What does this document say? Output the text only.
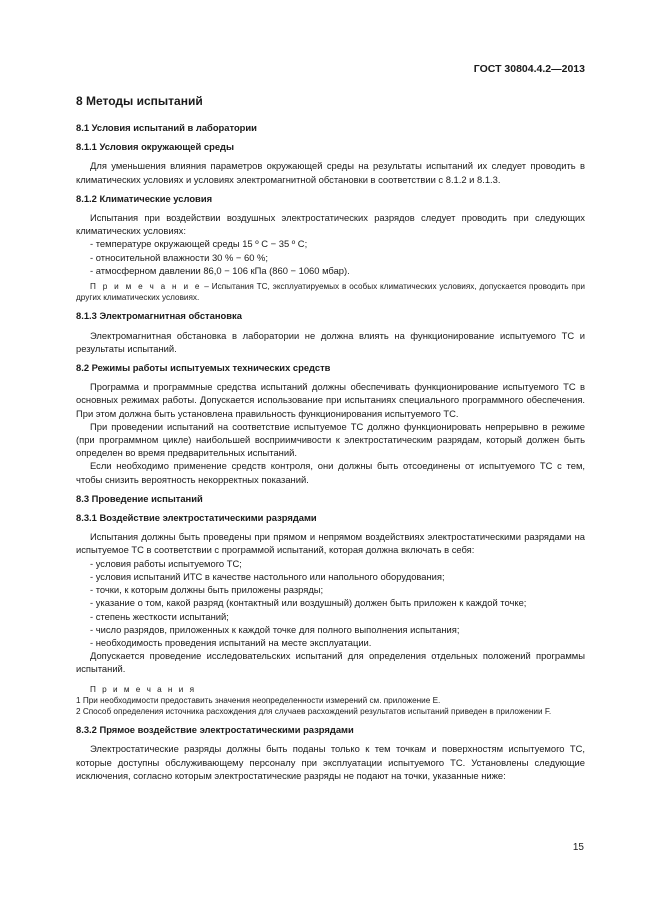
ГОСТ 30804.4.2—2013
8 Методы испытаний
8.1 Условия испытаний в лаборатории
8.1.1 Условия окружающей среды

Для уменьшения влияния параметров окружающей среды на результаты испытаний их следует проводить в климатических условиях и условиях электромагнитной обстановки в соответствии с 8.1.2 и 8.1.3.

8.1.2 Климатические условия

Испытания при воздействии воздушных электростатических разрядов следует проводить при следующих климатических условиях:

- температуре окружающей среды 15 º С − 35 º С;

- относительной влажности 30 % − 60 %;

- атмосферном давлении 86,0 − 106 кПа (860 − 1060 мбар).

П р и м е ч а н и е – Испытания ТС, эксплуатируемых в особых климатических условиях, допускается проводить при других климатических условиях.

8.1.3 Электромагнитная обстановка

Электромагнитная обстановка в лаборатории не должна влиять на функционирование испытуемого ТС и результаты испытаний.

8.2 Режимы работы испытуемых технических средств

Программа и программные средства испытаний должны обеспечивать функционирование испытуемого ТС в основных режимах работы. Допускается использование при испытаниях специального программного обеспечения. При этом должна быть установлена правильность функционирования испытуемого ТС.

При проведении испытаний на соответствие испытуемое ТС должно функционировать непрерывно в режиме (при программном цикле) наибольшей восприимчивости к электростатическим разрядам, который должен быть определен во время предварительных испытаний.

Если необходимо применение средств контроля, они должны быть отсоединены от испытуемого ТС с тем, чтобы снизить вероятность некорректных показаний.

8.3 Проведение испытаний
8.3.1 Воздействие электростатическими разрядами

Испытания должны быть проведены при прямом и непрямом воздействиях электростатическими разрядами на испытуемое ТС в соответствии с программой испытаний, которая должна включать в себя:

- условия работы испытуемого ТС;

- условия испытаний ИТС в качестве настольного или напольного оборудования;

- точки, к которым должны быть приложены разряды;

- указание о том, какой разряд (контактный или воздушный) должен быть приложен к каждой точке;

- степень жесткости испытаний;

- число разрядов, приложенных к каждой точке для полного выполнения испытания;

- необходимость проведения испытаний на месте эксплуатации.

Допускается проведение исследовательских испытаний для определения отдельных положений программы испытаний.

П р и м е ч а н и я

1 При необходимости предоставить значения неопределенности измерений см. приложение Е.

2 Способ определения источника расхождения для случаев расхождений результатов испытаний приведен в приложении F.

8.3.2 Прямое воздействие электростатическими разрядами

Электростатические разряды должны быть поданы только к тем точкам и поверхностям испытуемого ТС, которые доступны обслуживающему персоналу при эксплуатации испытуемого ТС. Установлены следующие исключения, согласно которым электростатические разряды не подают на точки, указанные ниже:

15
